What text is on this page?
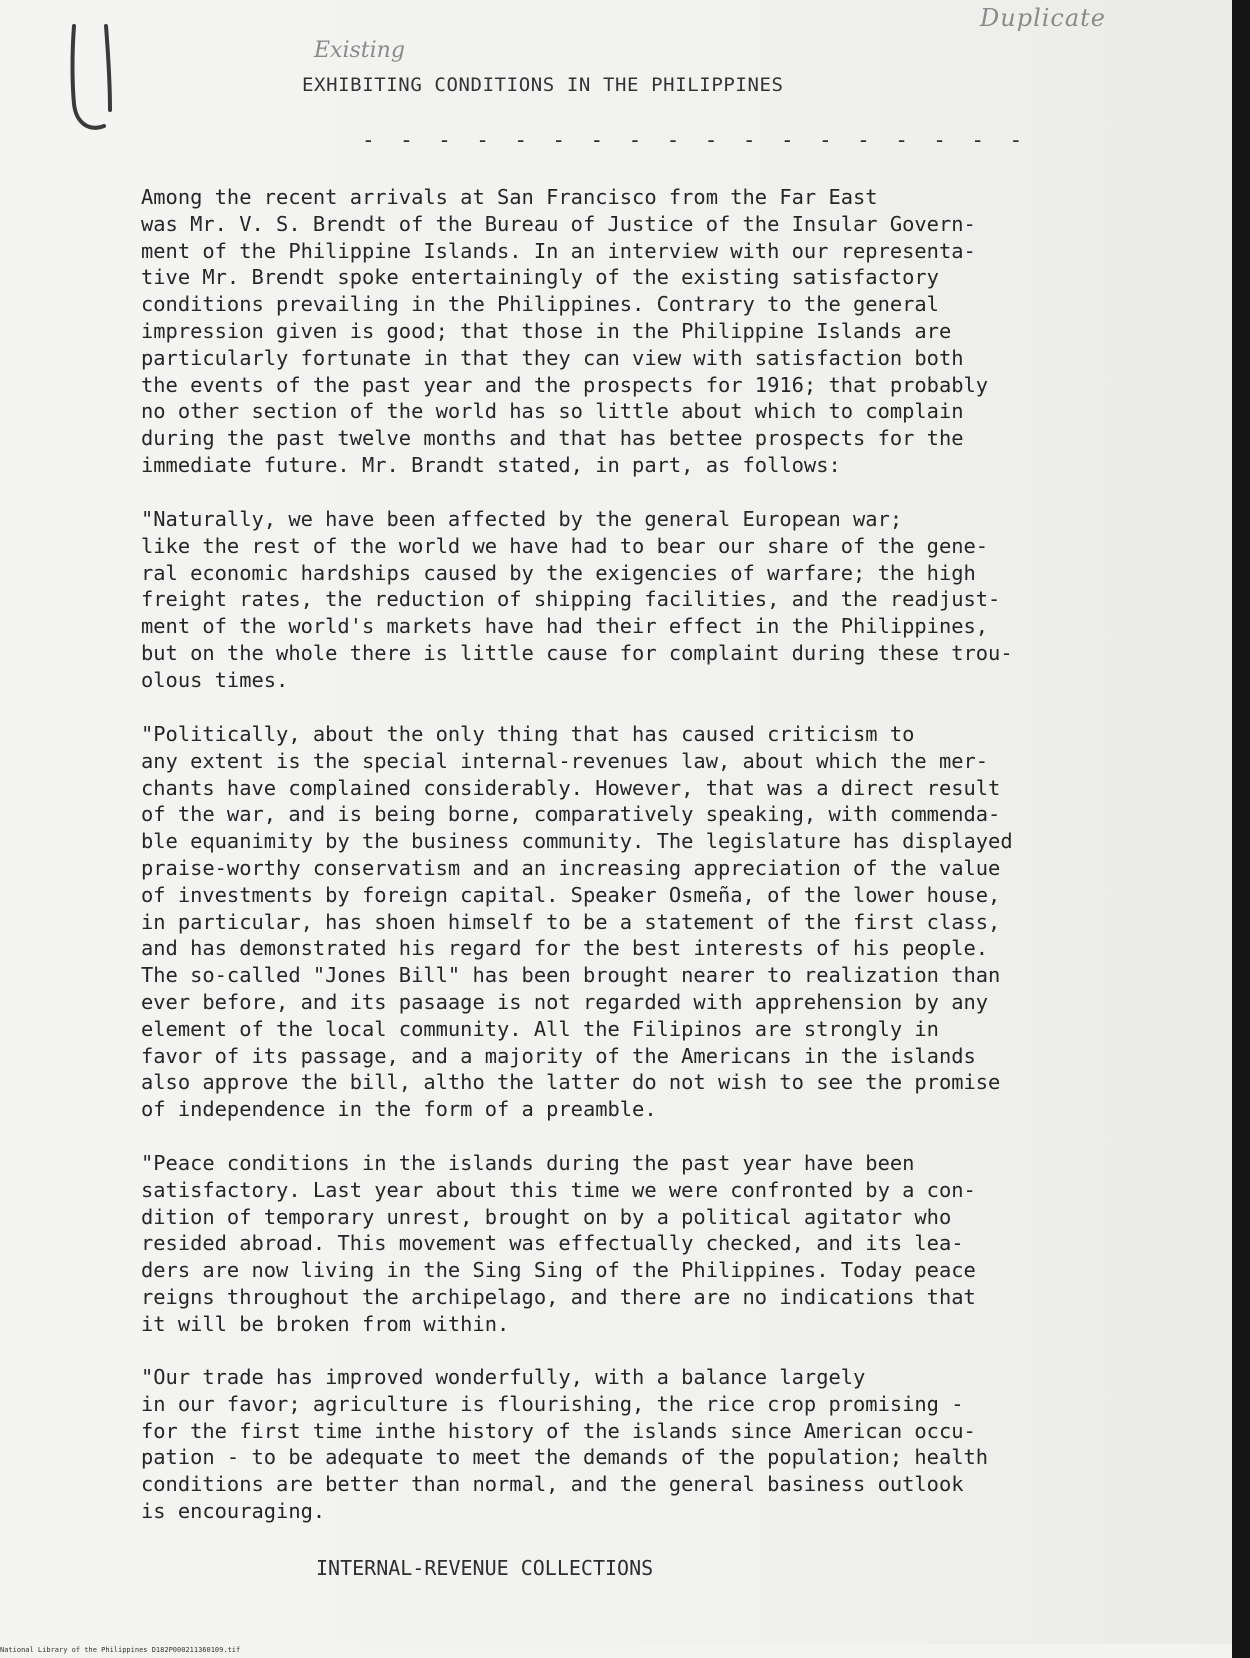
Duplicate
Existing
EXHIBITING CONDITIONS IN THE PHILIPPINES
- - - - - - - - - - - - - - - - - -
Among the recent arrivals at San Francisco from the Far East
was Mr. V. S. Brendt of the Bureau of Justice of the Insular Govern-
ment of the Philippine Islands. In an interview with our representa-
tive Mr. Brendt spoke entertainingly of the existing satisfactory
conditions prevailing in the Philippines. Contrary to the general
impression given is good; that those in the Philippine Islands are
particularly fortunate in that they can view with satisfaction both
the events of the past year and the prospects for 1916; that probably
no other section of the world has so little about which to complain
during the past twelve months and that has bettee prospects for the
immediate future. Mr. Brandt stated, in part, as follows:
"Naturally, we have been affected by the general European war;
like the rest of the world we have had to bear our share of the gene-
ral economic hardships caused by the exigencies of warfare; the high
freight rates, the reduction of shipping facilities, and the readjust-
ment of the world's markets have had their effect in the Philippines,
but on the whole there is little cause for complaint during these trou-
olous times.
"Politically, about the only thing that has caused criticism to
any extent is the special internal-revenues law, about which the mer-
chants have complained considerably. However, that was a direct result
of the war, and is being borne, comparatively speaking, with commenda-
ble equanimity by the business community. The legislature has displayed
praise-worthy conservatism and an increasing appreciation of the value
of investments by foreign capital. Speaker Osmeña, of the lower house,
in particular, has shoen himself to be a statement of the first class,
and has demonstrated his regard for the best interests of his people.
The so-called "Jones Bill" has been brought nearer to realization than
ever before, and its pasaage is not regarded with apprehension by any
element of the local community. All the Filipinos are strongly in
favor of its passage, and a majority of the Americans in the islands
also approve the bill, altho the latter do not wish to see the promise
of independence in the form of a preamble.
"Peace conditions in the islands during the past year have been
satisfactory. Last year about this time we were confronted by a con-
dition of temporary unrest, brought on by a political agitator who
resided abroad. This movement was effectually checked, and its lea-
ders are now living in the Sing Sing of the Philippines. Today peace
reigns throughout the archipelago, and there are no indications that
it will be broken from within.
"Our trade has improved wonderfully, with a balance largely
in our favor; agriculture is flourishing, the rice crop promising -
for the first time inthe history of the islands since American occu-
pation - to be adequate to meet the demands of the population; health
conditions are better than normal, and the general basiness outlook
is encouraging.
INTERNAL-REVENUE COLLECTIONS
National Library of the Philippines D182P000211360109.tif
